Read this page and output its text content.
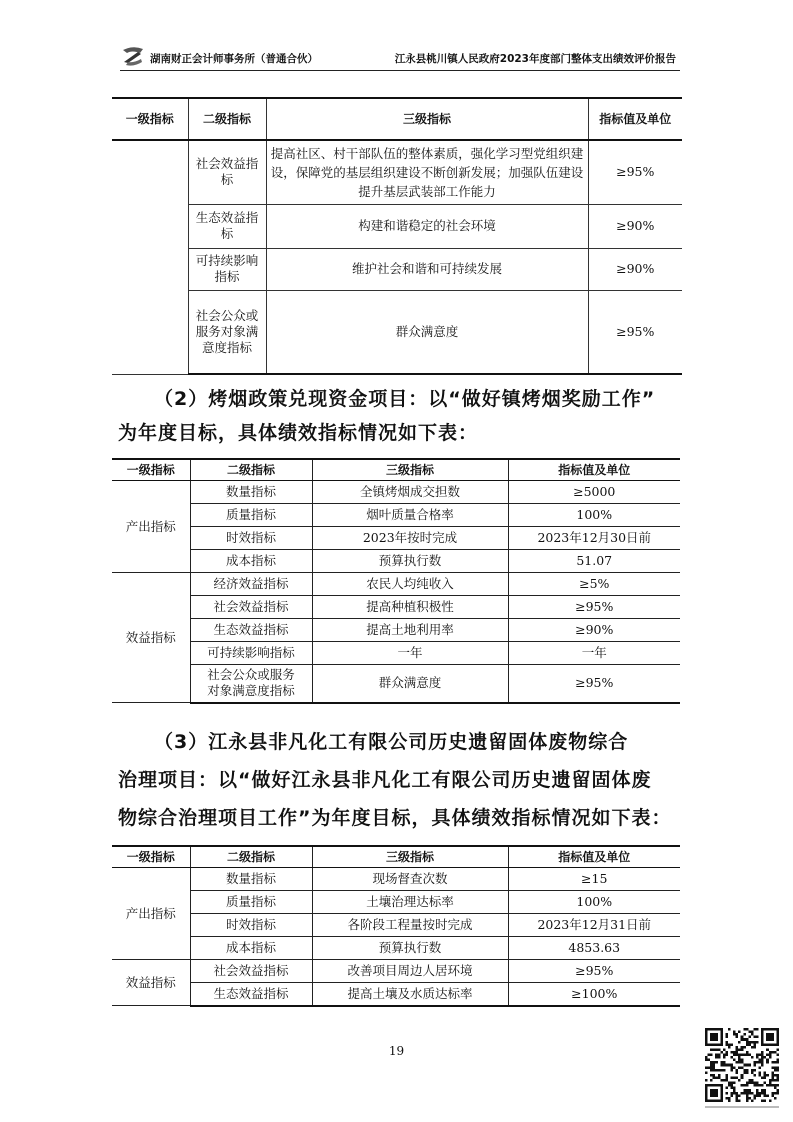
湖南财正会计师事务所（普通合伙）	江永县桃川镇人民政府2023年度部门整体支出绩效评价报告
一级指标	二级指标	三级指标	指标值及单位
	社会效益指标	提高社区、村干部队伍的整体素质，强化学习型党组织建设，保障党的基层组织建设不断创新发展；加强队伍建设提升基层武装部工作能力	≥95%
	生态效益指标	构建和谐稳定的社会环境	≥90%
	可持续影响指标	维护社会和谐和可持续发展	≥90%
	社会公众或服务对象满意度指标	群众满意度	≥95%

（2）烤烟政策兑现资金项目：以“做好镇烤烟奖励工作”

为年度目标，具体绩效指标情况如下表：

一级指标	二级指标	三级指标	指标值及单位
产出指标	数量指标	全镇烤烟成交担数	≥5000
	质量指标	烟叶质量合格率	100%
	时效指标	2023年按时完成	2023年12月30日前
	成本指标	预算执行数	51.07
效益指标	经济效益指标	农民人均纯收入	≥5%
	社会效益指标	提高种植积极性	≥95%
	生态效益指标	提高土地利用率	≥90%
	可持续影响指标	一年	一年
	社会公众或服务对象满意度指标	群众满意度	≥95%

（3）江永县非凡化工有限公司历史遗留固体废物综合

治理项目：以“做好江永县非凡化工有限公司历史遗留固体废

物综合治理项目工作”为年度目标，具体绩效指标情况如下表：

一级指标	二级指标	三级指标	指标值及单位
产出指标	数量指标	现场督查次数	≥15
	质量指标	土壤治理达标率	100%
	时效指标	各阶段工程量按时完成	2023年12月31日前
	成本指标	预算执行数	4853.63
效益指标	社会效益指标	改善项目周边人居环境	≥95%
	生态效益指标	提高土壤及水质达标率	≥100%
19
